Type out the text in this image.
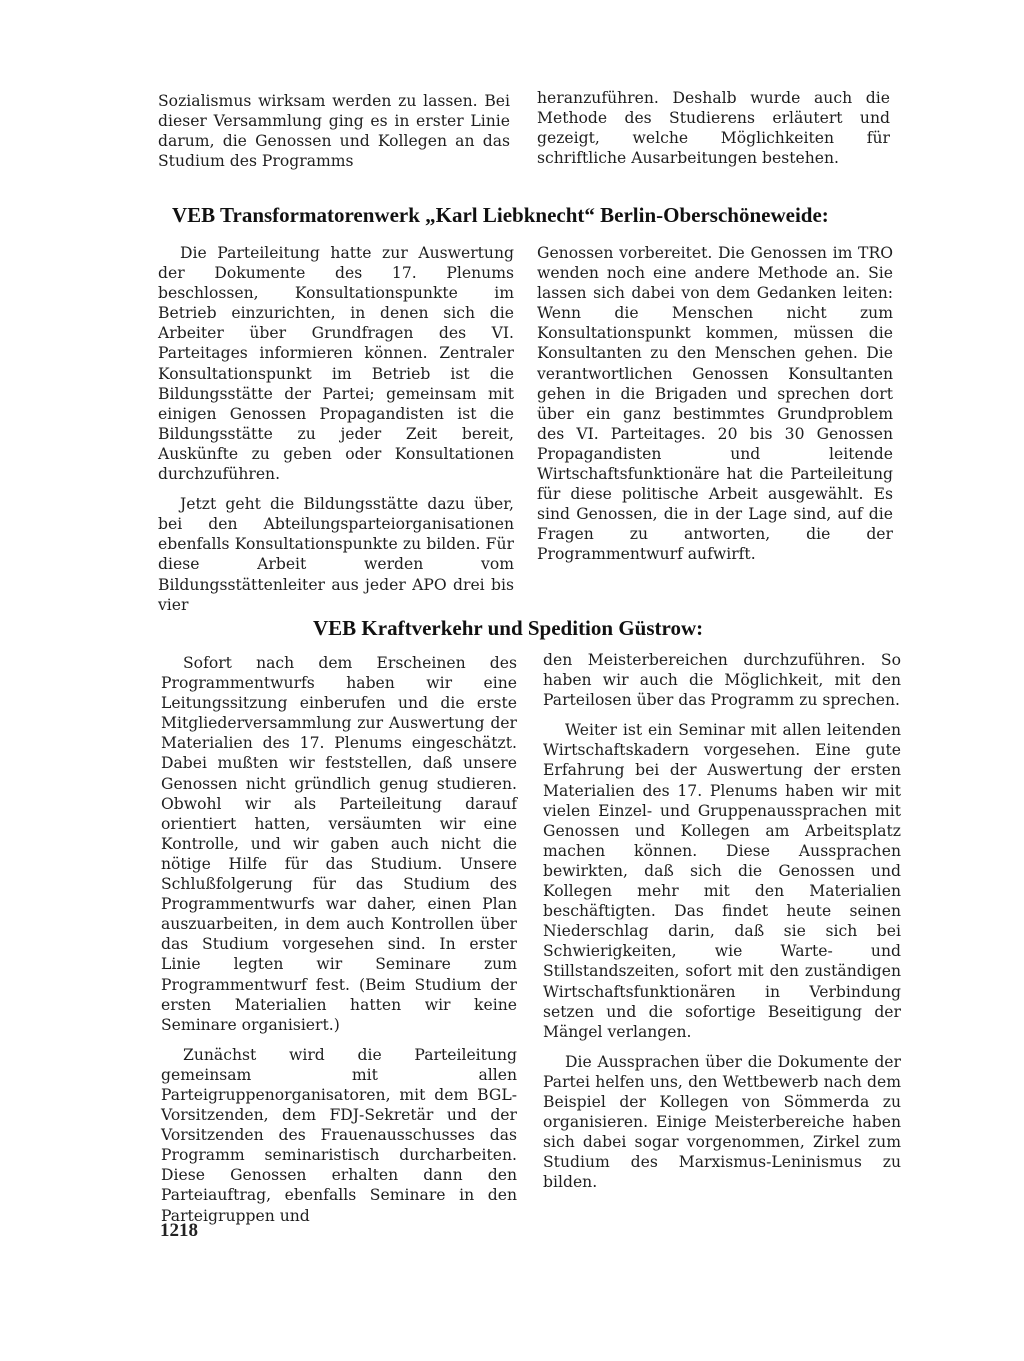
Sozialismus wirksam werden zu lassen. Bei dieser Versammlung ging es in erster Linie darum, die Genossen und Kollegen an das Studium des Programms

heranzuführen. Deshalb wurde auch die Methode des Studierens erläutert und gezeigt, welche Möglichkeiten für schriftliche Ausarbeitungen bestehen.

VEB Transformatorenwerk „Karl Liebknecht“ Berlin-Oberschöneweide:

Die Parteileitung hatte zur Auswertung der Dokumente des 17. Plenums beschlossen, Konsultationspunkte im Betrieb einzurichten, in denen sich die Arbeiter über Grundfragen des VI. Parteitages informieren können. Zentraler Konsultationspunkt im Betrieb ist die Bildungsstätte der Partei; gemeinsam mit einigen Genossen Propagandisten ist die Bildungsstätte zu jeder Zeit bereit, Auskünfte zu geben oder Konsultationen durchzuführen.

Jetzt geht die Bildungsstätte dazu über, bei den Abteilungsparteiorganisationen ebenfalls Konsultationspunkte zu bilden. Für diese Arbeit werden vom Bildungsstättenleiter aus jeder APO drei bis vier

Genossen vorbereitet. Die Genossen im TRO wenden noch eine andere Methode an. Sie lassen sich dabei von dem Gedanken leiten: Wenn die Menschen nicht zum Konsultationspunkt kommen, müssen die Konsultanten zu den Menschen gehen. Die verantwortlichen Genossen Konsultanten gehen in die Brigaden und sprechen dort über ein ganz bestimmtes Grundproblem des VI. Parteitages. 20 bis 30 Genossen Propagandisten und leitende Wirtschaftsfunktionäre hat die Parteileitung für diese politische Arbeit ausgewählt. Es sind Genossen, die in der Lage sind, auf die Fragen zu antworten, die der Programmentwurf aufwirft.

VEB Kraftverkehr und Spedition Güstrow:

Sofort nach dem Erscheinen des Programmentwurfs haben wir eine Leitungssitzung einberufen und die erste Mitgliederversammlung zur Auswertung der Materialien des 17. Plenums eingeschätzt. Dabei mußten wir feststellen, daß unsere Genossen nicht gründlich genug studieren. Obwohl wir als Parteileitung darauf orientiert hatten, versäumten wir eine Kontrolle, und wir gaben auch nicht die nötige Hilfe für das Studium. Unsere Schlußfolgerung für das Studium des Programmentwurfs war daher, einen Plan auszuarbeiten, in dem auch Kontrollen über das Studium vorgesehen sind. In erster Linie legten wir Seminare zum Programmentwurf fest. (Beim Studium der ersten Materialien hatten wir keine Seminare organisiert.)

Zunächst wird die Parteileitung gemeinsam mit allen Parteigruppenorganisatoren, mit dem BGL-Vorsitzenden, dem FDJ-Sekretär und der Vorsitzenden des Frauenausschusses das Programm seminaristisch durcharbeiten. Diese Genossen erhalten dann den Parteiauftrag, ebenfalls Seminare in den Parteigruppen und

den Meisterbereichen durchzuführen. So haben wir auch die Möglichkeit, mit den Parteilosen über das Programm zu sprechen.

Weiter ist ein Seminar mit allen leitenden Wirtschaftskadern vorgesehen. Eine gute Erfahrung bei der Auswertung der ersten Materialien des 17. Plenums haben wir mit vielen Einzel- und Gruppenaussprachen mit Genossen und Kollegen am Arbeitsplatz machen können. Diese Aussprachen bewirkten, daß sich die Genossen und Kollegen mehr mit den Materialien beschäftigten. Das findet heute seinen Niederschlag darin, daß sie sich bei Schwierigkeiten, wie Warte- und Stillstandszeiten, sofort mit den zuständigen Wirtschaftsfunktionären in Verbindung setzen und die sofortige Beseitigung der Mängel verlangen.

Die Aussprachen über die Dokumente der Partei helfen uns, den Wettbewerb nach dem Beispiel der Kollegen von Sömmerda zu organisieren. Einige Meisterbereiche haben sich dabei sogar vorgenommen, Zirkel zum Studium des Marxismus-Leninismus zu bilden.

1218
